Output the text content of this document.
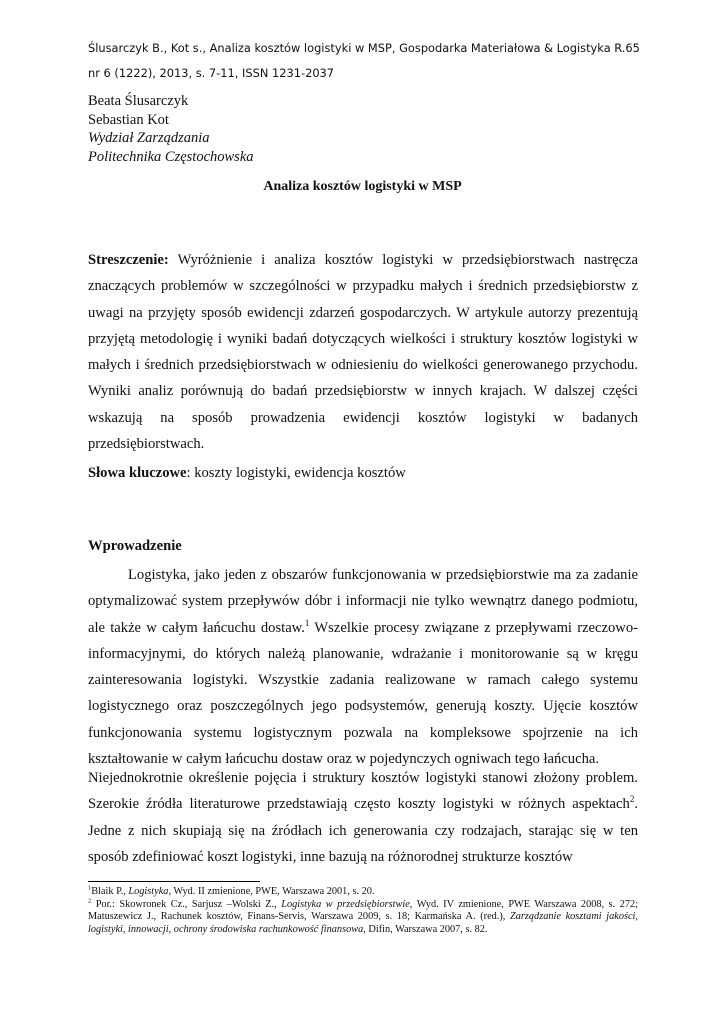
Ślusarczyk B., Kot s., Analiza kosztów logistyki w MSP, Gospodarka Materiałowa & Logistyka R.65 nr 6 (1222), 2013, s. 7-11, ISSN 1231-2037
Beata Ślusarczyk
Sebastian Kot
Wydział Zarządzania
Politechnika Częstochowska
Analiza kosztów logistyki w MSP
Streszczenie: Wyróżnienie i analiza kosztów logistyki w przedsiębiorstwach nastręcza znaczących problemów w szczególności w przypadku małych i średnich przedsiębiorstw z uwagi na przyjęty sposób ewidencji zdarzeń gospodarczych. W artykule autorzy prezentują przyjętą metodologię i wyniki badań dotyczących wielkości i struktury kosztów logistyki w małych i średnich przedsiębiorstwach w odniesieniu do wielkości generowanego przychodu. Wyniki analiz porównują do badań przedsiębiorstw w innych krajach. W dalszej części wskazują na sposób prowadzenia ewidencji kosztów logistyki w badanych przedsiębiorstwach.
Słowa kluczowe: koszty logistyki, ewidencja kosztów
Wprowadzenie
Logistyka, jako jeden z obszarów funkcjonowania w przedsiębiorstwie ma za zadanie optymalizować system przepływów dóbr i informacji nie tylko wewnątrz danego podmiotu, ale także w całym łańcuchu dostaw.$^1$ Wszelkie procesy związane z przepływami rzeczowo-informacyjnymi, do których należą planowanie, wdrażanie i monitorowanie są w kręgu zainteresowania logistyki. Wszystkie zadania realizowane w ramach całego systemu logistycznego oraz poszczególnych jego podsystemów, generują koszty. Ujęcie kosztów funkcjonowania systemu logistycznym pozwala na kompleksowe spojrzenie na ich kształtowanie w całym łańcuchu dostaw oraz w pojedynczych ogniwach tego łańcucha.
Niejednokrotnie określenie pojęcia i struktury kosztów logistyki stanowi złożony problem. Szerokie źródła literaturowe przedstawiają często koszty logistyki w różnych aspektach$^2$. Jedne z nich skupiają się na źródłach ich generowania czy rodzajach, starając się w ten sposób zdefiniować koszt logistyki, inne bazują na różnorodnej strukturze kosztów
$^1$Blaik P., Logistyka, Wyd. II zmienione, PWE, Warszawa 2001, s. 20.
$^2$ Por.: Skowronek Cz., Sarjusz –Wolski Z., Logistyka w przedsiębiorstwie, Wyd. IV zmienione, PWE Warszawa 2008, s. 272; Matuszewicz J., Rachunek kosztów, Finans-Servis, Warszawa 2009, s. 18; Karmańska A. (red.), Zarządzanie kosztami jakości, logistyki, innowacji, ochrony środowiska rachunkowość finansowa, Difin, Warszawa 2007, s. 82.
